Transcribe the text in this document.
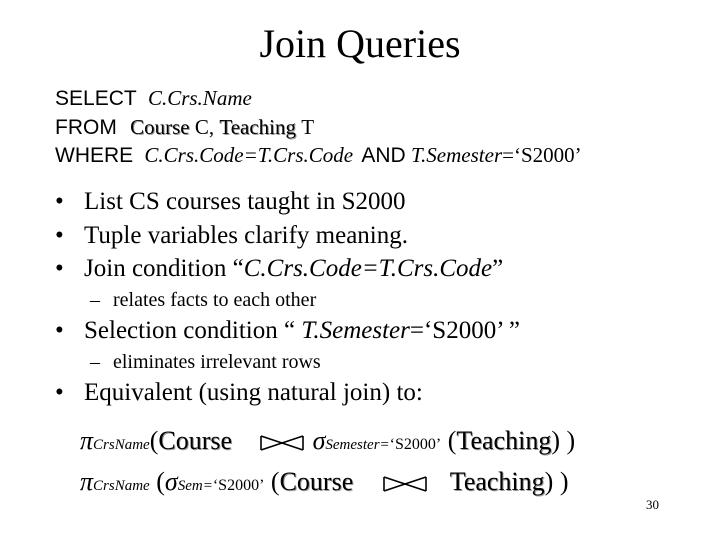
Join Queries
SELECT C.Crs.Name
FROM Course C, Teaching T
WHERE C.Crs.Code=T.Crs.Code AND T.Semester=‘S2000’
• List CS courses taught in S2000
• Tuple variables clarify meaning.
• Join condition “C.Crs.Code=T.Crs.Code”
– relates facts to each other
• Selection condition “ T.Semester=‘S2000’ ”
– eliminates irrelevant rows
• Equivalent (using natural join) to:
πCrsName(Course	σSemester=‘S2000’ (Teaching) )
πCrsName (σSem=‘S2000’ (Course	Teaching) )
30
